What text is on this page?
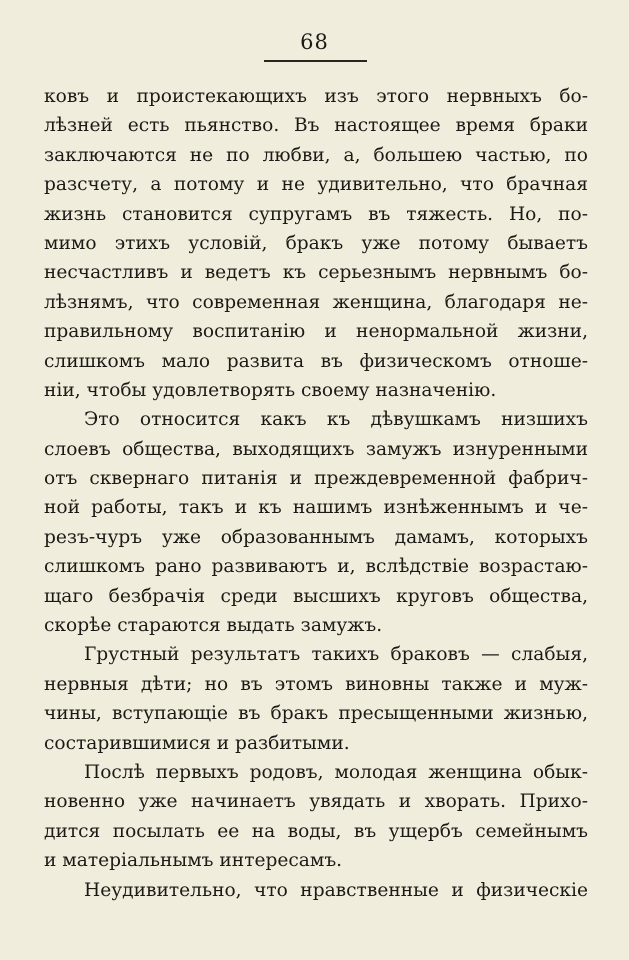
68
ковъ и проистекающихъ изъ этого нервныхъ бо-
лѣзней есть пьянство. Въ настоящее время браки
заключаются не по любви, а, большею частью, по
разсчету, а потому и не удивительно, что брачная
жизнь становится супругамъ въ тяжесть. Но, по-
мимо этихъ условій, бракъ уже потому бываетъ
несчастливъ и ведетъ къ серьезнымъ нервнымъ бо-
лѣзнямъ, что современная женщина, благодаря не-
правильному воспитанію и ненормальной жизни,
слишкомъ мало развита въ физическомъ отноше-
ніи, чтобы удовлетворять своему назначенію.
Это относится какъ къ дѣвушкамъ низшихъ
слоевъ общества, выходящихъ замужъ изнуренными
отъ сквернаго питанія и преждевременной фабрич-
ной работы, такъ и къ нашимъ изнѣженнымъ и че-
резъ-чуръ уже образованнымъ дамамъ, которыхъ
слишкомъ рано развиваютъ и, вслѣдствіе возрастаю-
щаго безбрачія среди высшихъ круговъ общества,
скорѣе стараются выдать замужъ.
Грустный результатъ такихъ браковъ — слабыя,
нервныя дѣти; но въ этомъ виновны также и муж-
чины, вступающіе въ бракъ пресыщенными жизнью,
состарившимися и разбитыми.
Послѣ первыхъ родовъ, молодая женщина обык-
новенно уже начинаетъ увядать и хворать. Прихо-
дится посылать ее на воды, въ ущербъ семейнымъ
и матеріальнымъ интересамъ.
Неудивительно, что нравственные и физическіе
